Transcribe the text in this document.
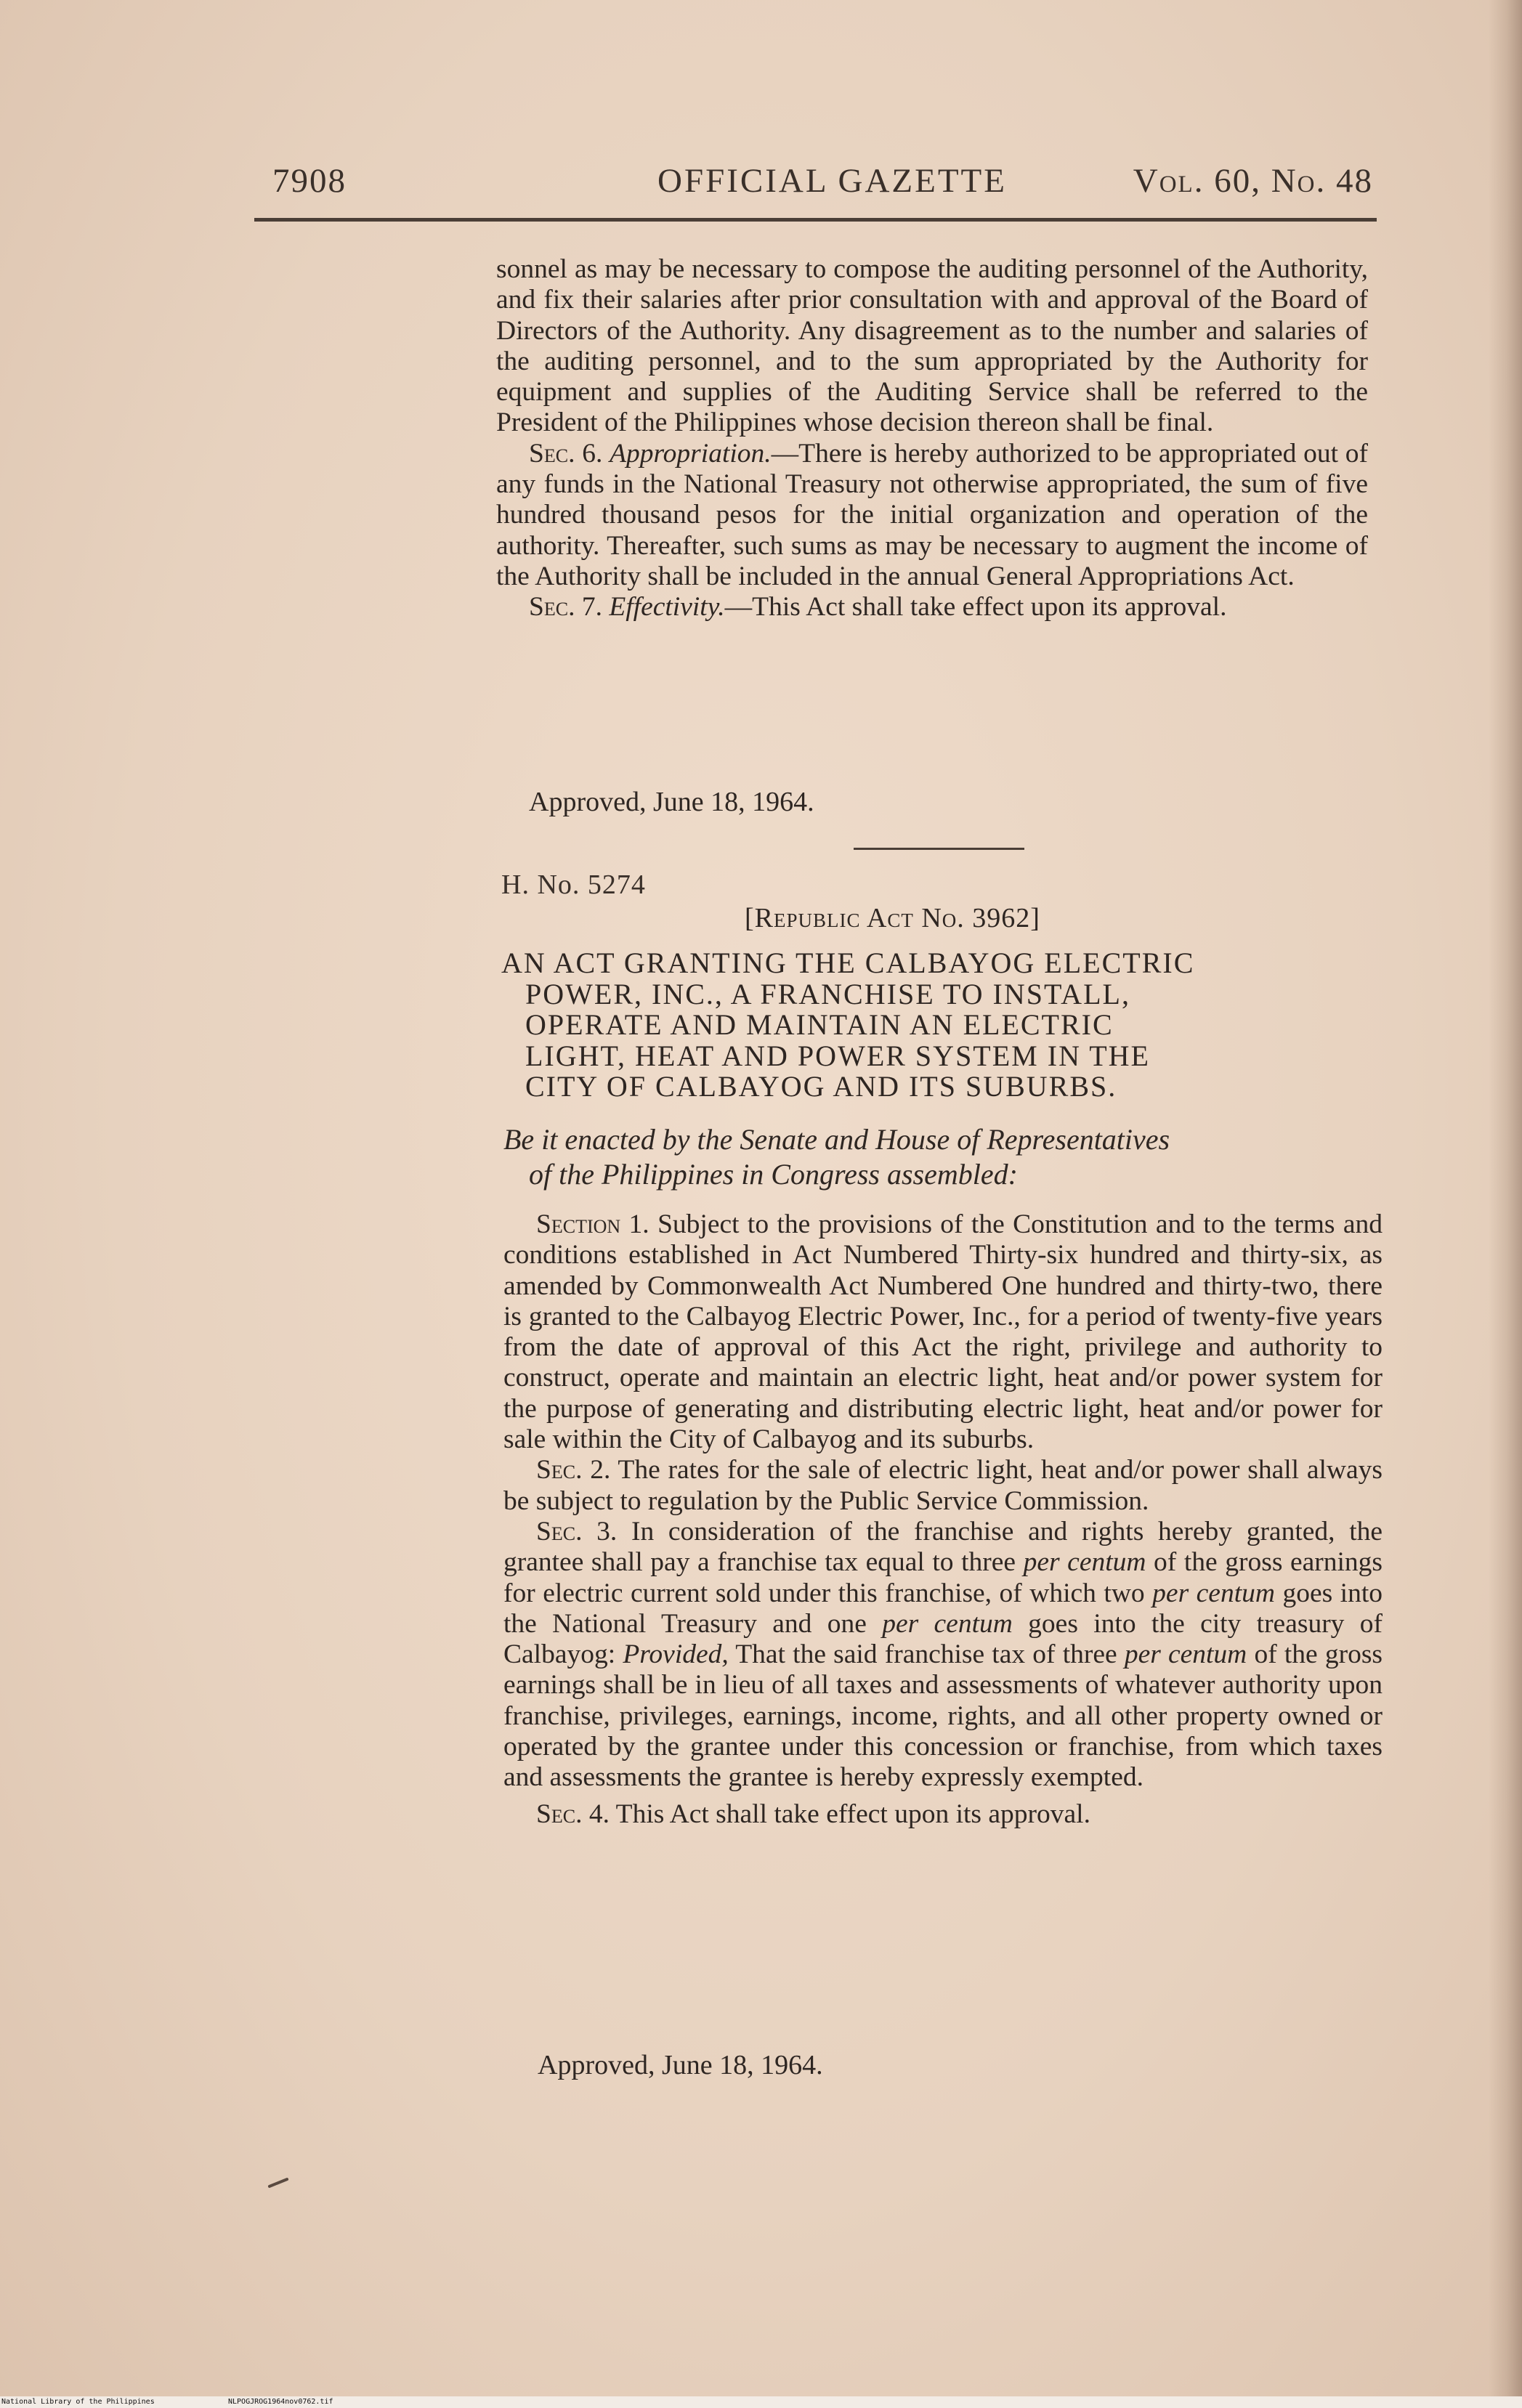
7908	OFFICIAL GAZETTE	Vol. 60, No. 48

sonnel as may be necessary to compose the auditing personnel of the Authority, and fix their salaries after prior consultation with and approval of the Board of Directors of the Authority. Any disagreement as to the number and salaries of the auditing personnel, and to the sum appropriated by the Authority for equipment and supplies of the Auditing Service shall be referred to the President of the Philippines whose decision thereon shall be final.

Sec. 6. Appropriation.—There is hereby authorized to be appropriated out of any funds in the National Treasury not otherwise appropriated, the sum of five hundred thousand pesos for the initial organization and operation of the authority. Thereafter, such sums as may be necessary to augment the income of the Authority shall be included in the annual General Appropriations Act.

Sec. 7. Effectivity.—This Act shall take effect upon its approval.

Approved, June 18, 1964.
H. No. 5274
[Republic Act No. 3962]
AN ACT GRANTING THE CALBAYOG ELECTRIC
POWER, INC., A FRANCHISE TO INSTALL,
OPERATE AND MAINTAIN AN ELECTRIC
LIGHT, HEAT AND POWER SYSTEM IN THE
CITY OF CALBAYOG AND ITS SUBURBS.
Be it enacted by the Senate and House of Representatives
of the Philippines in Congress assembled:

Section 1. Subject to the provisions of the Constitution and to the terms and conditions established in Act Numbered Thirty-six hundred and thirty-six, as amended by Commonwealth Act Numbered One hundred and thirty-two, there is granted to the Calbayog Electric Power, Inc., for a period of twenty-five years from the date of approval of this Act the right, privilege and authority to construct, operate and maintain an electric light, heat and/or power system for the purpose of generating and distributing electric light, heat and/or power for sale within the City of Calbayog and its suburbs.

Sec. 2. The rates for the sale of electric light, heat and/or power shall always be subject to regulation by the Public Service Commission.

Sec. 3. In consideration of the franchise and rights hereby granted, the grantee shall pay a franchise tax equal to three per centum of the gross earnings for electric current sold under this franchise, of which two per centum goes into the National Treasury and one per centum goes into the city treasury of Calbayog: Provided, That the said franchise tax of three per centum of the gross earnings shall be in lieu of all taxes and assessments of whatever authority upon franchise, privileges, earnings, income, rights, and all other property owned or operated by the grantee under this concession or franchise, from which taxes and assessments the grantee is hereby expressly exempted.

Sec. 4. This Act shall take effect upon its approval.

Approved, June 18, 1964.
National Library of the Philippines	NLPOGJROG1964nov0762.tif
